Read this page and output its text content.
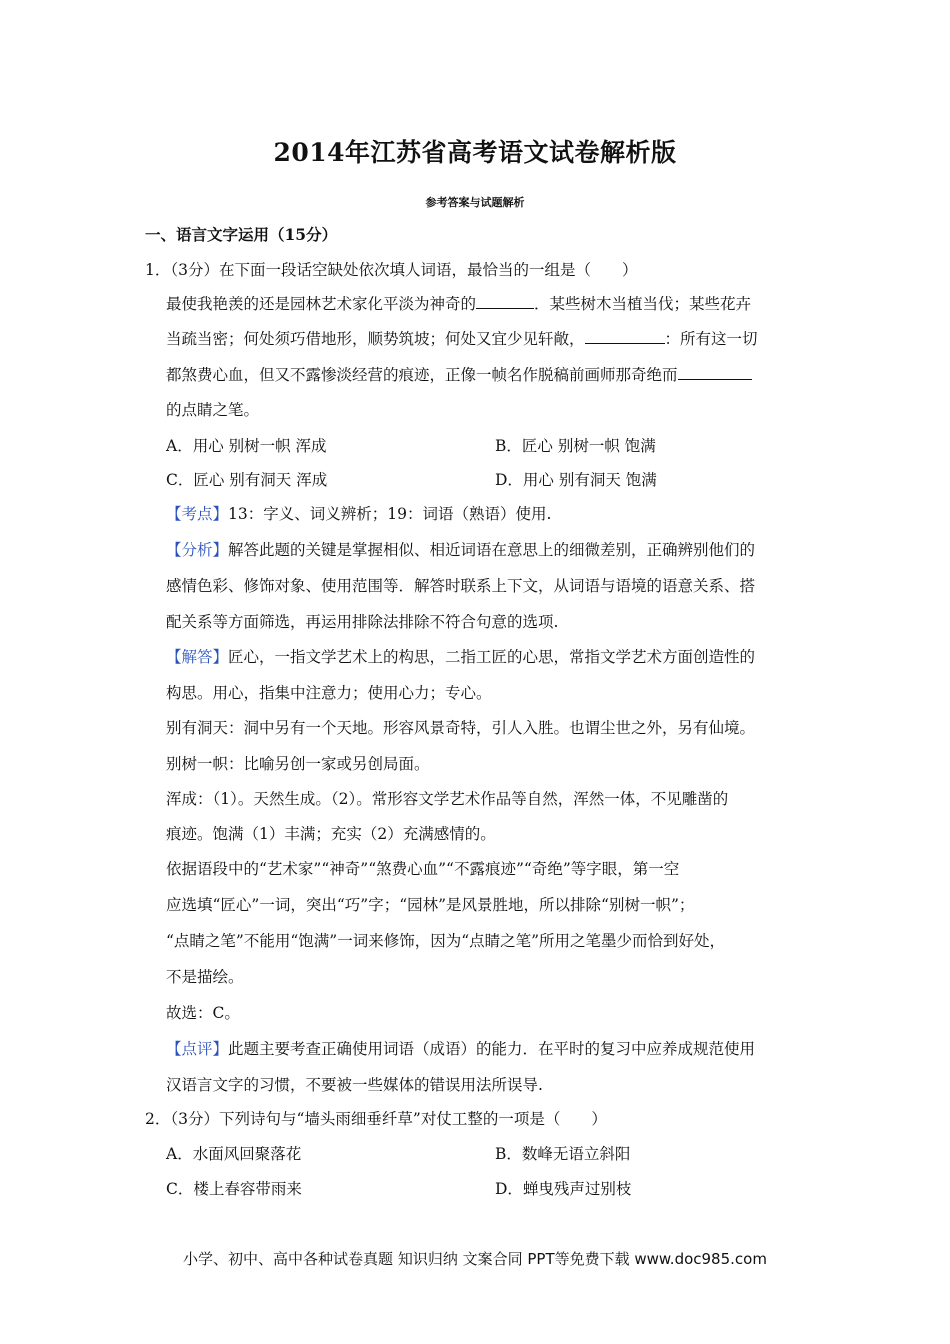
2014年江苏省高考语文试卷解析版
参考答案与试题解析
一、语言文字运用（15分）
1．（3分）在下面一段话空缺处依次填人词语，最恰当的一组是（　　）
最使我艳羡的还是园林艺术家化平淡为神奇的	．某些树木当植当伐；某些花卉
当疏当密；何处须巧借地形，顺势筑坡；何处又宜少见轩敞，	：所有这一切
都煞费心血，但又不露惨淡经营的痕迹，正像一帧名作脱稿前画师那奇绝而
的点睛之笔。
A．用心 别树一帜 浑成	B．匠心 别树一帜 饱满
C．匠心 别有洞天 浑成	D．用心 别有洞天 饱满
【考点】13：字义、词义辨析；19：词语（熟语）使用.
【分析】解答此题的关键是掌握相似、相近词语在意思上的细微差别，正确辨别他们的
感情色彩、修饰对象、使用范围等．解答时联系上下文，从词语与语境的语意关系、搭
配关系等方面筛选，再运用排除法排除不符合句意的选项.
【解答】匠心，一指文学艺术上的构思，二指工匠的心思，常指文学艺术方面创造性的
构思。用心，指集中注意力；使用心力；专心。
别有洞天：洞中另有一个天地。形容风景奇特，引人入胜。也谓尘世之外，另有仙境。
别树一帜：比喻另创一家或另创局面。
浑成：（1）。天然生成。（2）。常形容文学艺术作品等自然，浑然一体，不见雕凿的
痕迹。饱满（1）丰满；充实（2）充满感情的。
依据语段中的“艺术家”“神奇”“煞费心血”“不露痕迹”“奇绝”等字眼，第一空
应选填“匠心”一词，突出“巧”字；“园林”是风景胜地，所以排除“别树一帜”；
“点睛之笔”不能用“饱满”一词来修饰，因为“点睛之笔”所用之笔墨少而恰到好处，
不是描绘。
故选：C。
【点评】此题主要考查正确使用词语（成语）的能力．在平时的复习中应养成规范使用
汉语言文字的习惯，不要被一些媒体的错误用法所误导.
2．（3分）下列诗句与“墙头雨细垂纤草”对仗工整的一项是（　　）
A．水面风回聚落花	B．数峰无语立斜阳
C．楼上春容带雨来	D．蝉曳残声过别枝
小学、初中、高中各种试卷真题 知识归纳 文案合同 PPT等免费下载 www.doc985.com
